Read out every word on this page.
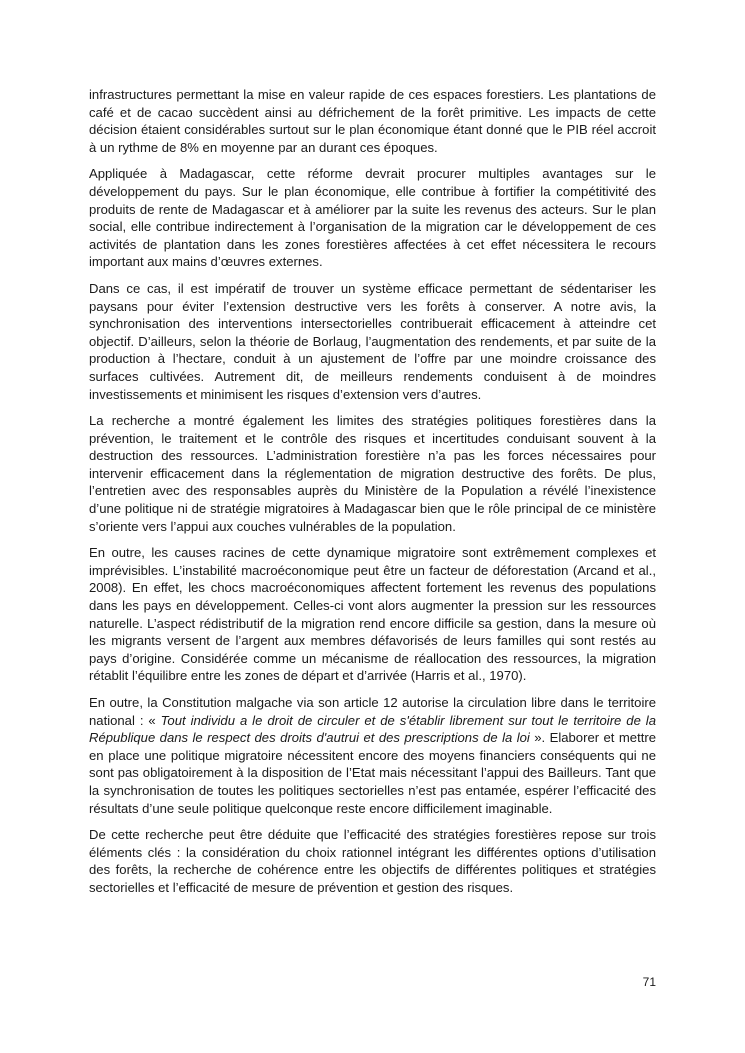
infrastructures permettant la mise en valeur rapide de ces espaces forestiers. Les plantations de café et de cacao succèdent ainsi au défrichement de la forêt primitive. Les impacts de cette décision étaient considérables surtout sur le plan économique étant donné que le PIB réel accroit à un rythme de 8% en moyenne par an durant ces époques.

Appliquée à Madagascar, cette réforme devrait procurer multiples avantages sur le développement du pays. Sur le plan économique, elle contribue à fortifier la compétitivité des produits de rente de Madagascar et à améliorer par la suite les revenus des acteurs. Sur le plan social, elle contribue indirectement à l’organisation de la migration car le développement de ces activités de plantation dans les zones forestières affectées à cet effet nécessitera le recours important aux mains d’œuvres externes.

Dans ce cas, il est impératif de trouver un système efficace permettant de sédentariser les paysans pour éviter l’extension destructive vers les forêts à conserver. A notre avis, la synchronisation des interventions intersectorielles contribuerait efficacement à atteindre cet objectif. D’ailleurs, selon la théorie de Borlaug, l’augmentation des rendements, et par suite de la production à l’hectare, conduit à un ajustement de l’offre par une moindre croissance des surfaces cultivées. Autrement dit, de meilleurs rendements conduisent à de moindres investissements et minimisent les risques d’extension vers d’autres.

La recherche a montré également les limites des stratégies politiques forestières dans la prévention, le traitement et le contrôle des risques et incertitudes conduisant souvent à la destruction des ressources. L’administration forestière n’a pas les forces nécessaires pour intervenir efficacement dans la réglementation de migration destructive des forêts. De plus, l’entretien avec des responsables auprès du Ministère de la Population a révélé l’inexistence d’une politique ni de stratégie migratoires à Madagascar bien que le rôle principal de ce ministère s’oriente vers l’appui aux couches vulnérables de la population.

En outre, les causes racines de cette dynamique migratoire sont extrêmement complexes et imprévisibles. L’instabilité macroéconomique peut être un facteur de déforestation (Arcand et al., 2008). En effet, les chocs macroéconomiques affectent fortement les revenus des populations dans les pays en développement. Celles-ci vont alors augmenter la pression sur les ressources naturelle. L’aspect rédistributif de la migration rend encore difficile sa gestion, dans la mesure où les migrants versent de l’argent aux membres défavorisés de leurs familles qui sont restés au pays d’origine. Considérée comme un mécanisme de réallocation des ressources, la migration rétablit l’équilibre entre les zones de départ et d’arrivée (Harris et al., 1970).

En outre, la Constitution malgache via son article 12 autorise la circulation libre dans le territoire national : « Tout individu a le droit de circuler et de s'établir librement sur tout le territoire de la République dans le respect des droits d'autrui et des prescriptions de la loi ». Elaborer et mettre en place une politique migratoire nécessitent encore des moyens financiers conséquents qui ne sont pas obligatoirement à la disposition de l’Etat mais nécessitant l’appui des Bailleurs. Tant que la synchronisation de toutes les politiques sectorielles n’est pas entamée, espérer l’efficacité des résultats d’une seule politique quelconque reste encore difficilement imaginable.

De cette recherche peut être déduite que l’efficacité des stratégies forestières repose sur trois éléments clés : la considération du choix rationnel intégrant les différentes options d’utilisation des forêts, la recherche de cohérence entre les objectifs de différentes politiques et stratégies sectorielles et l’efficacité de mesure de prévention et gestion des risques.

71
